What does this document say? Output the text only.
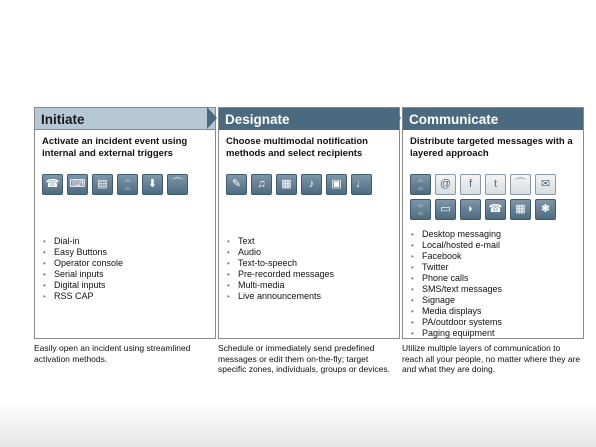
Initiate
Activate an incident event using internal and external triggers
☎ ⌨	▤	▭
▭	⬇	⌒
• Dial-in
• Easy Buttons
• Operator console
• Serial inputs
• Digital inputs
• RSS CAP
Easily open an incident using streamlined activation methods.
Designate
Choose multimodal notification methods and select recipients
✎	♫	▦	♪	▣	♩
• Text
• Audio
• Text-to-speech
• Pre-recorded messages
• Multi-media
• Live announcements
Schedule or immediately send predefined messages or edit them on-the-fly; target specific zones, individuals, groups or devices.
Communicate
Distribute targeted messages with a layered approach
▭
▭	@	f	t	⌒	✉
▭
▭	▭	◗	☎	▦	✱
• Desktop messaging
• Local/hosted e-mail
• Facebook
• Twitter
• Phone calls
• SMS/text messages
• Signage
• Media displays
• PA/outdoor systems
• Paging equipment
Utilize multiple layers of communication to reach all your people, no matter where they are and what they are doing.
